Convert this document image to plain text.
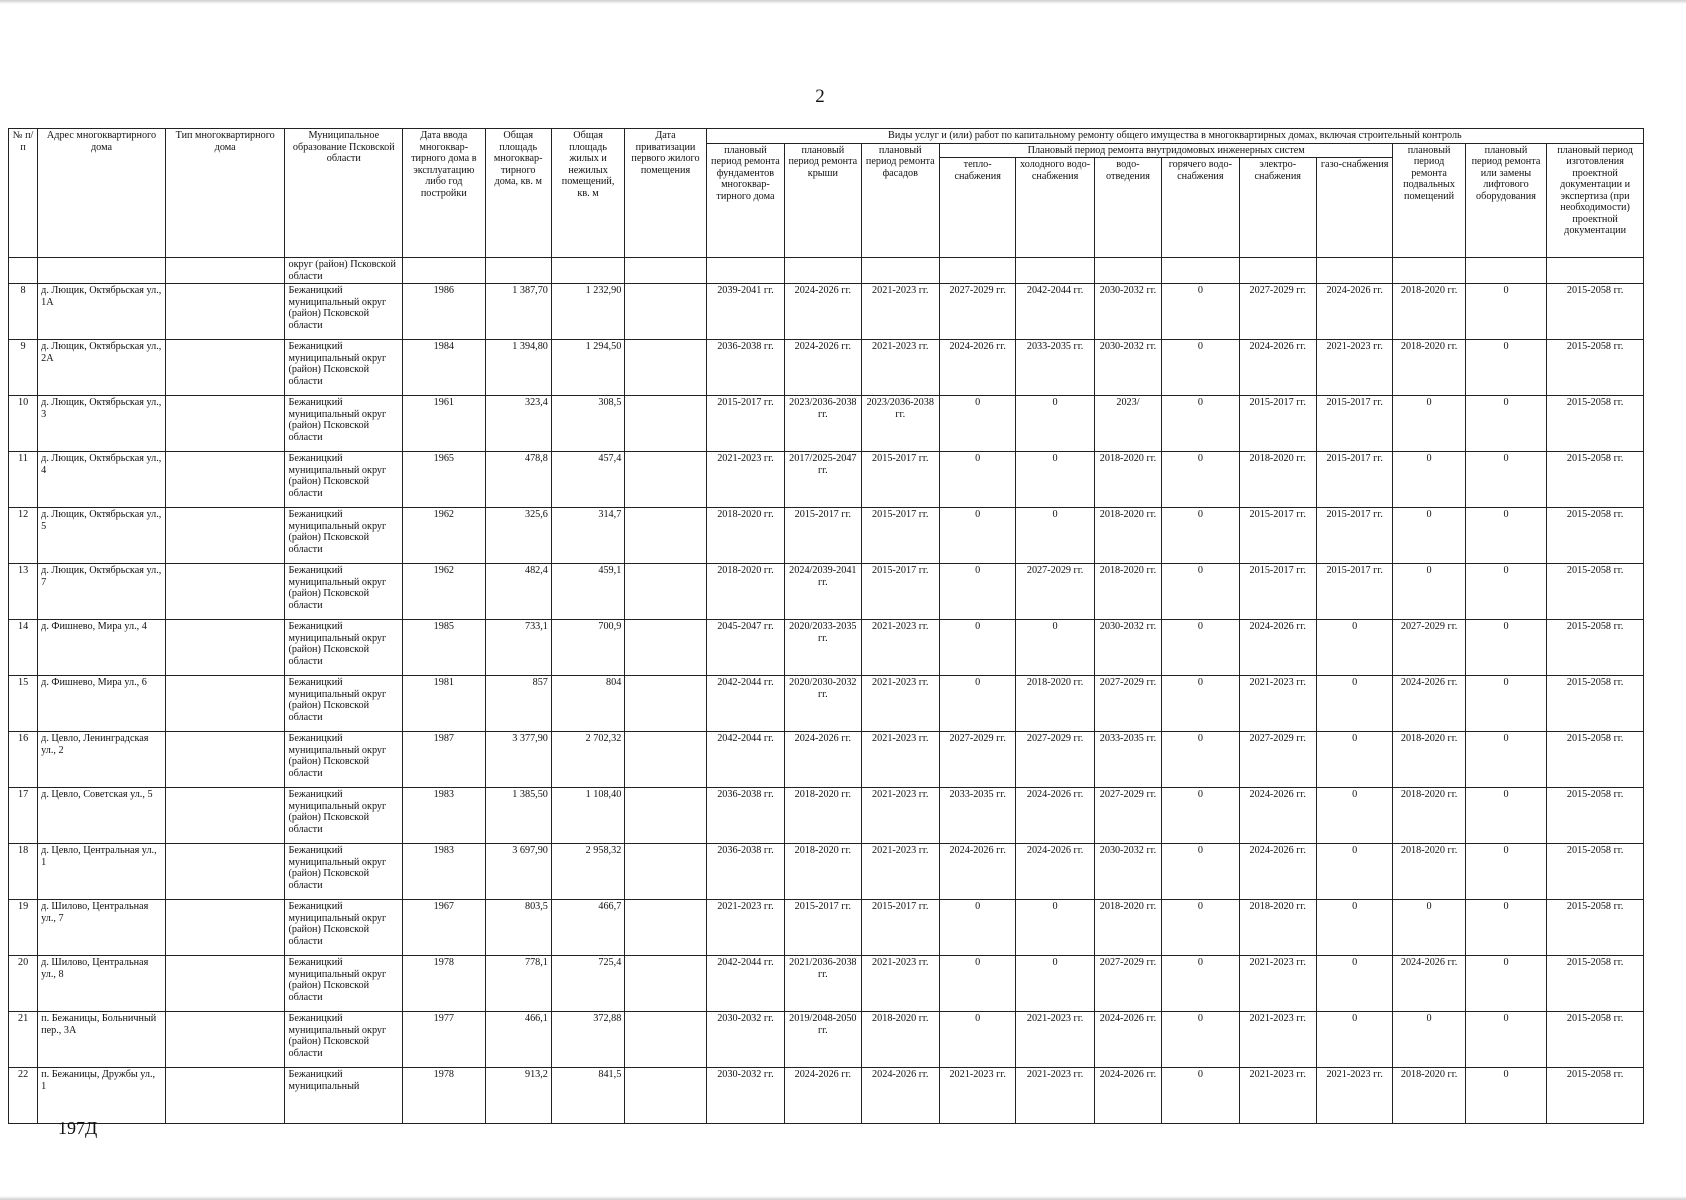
2
№ п/п	Адрес многоквартирного дома	Тип многоквартирного дома	Муниципальное образование Псковской области	Дата ввода многоквар-тирного дома в эксплуатацию либо год постройки	Общая площадь многоквар-тирного дома, кв. м	Общая площадь жилых и нежилых помещений, кв. м	Дата приватизации первого жилого помещения	Виды услуг и (или) работ по капитальному ремонту общего имущества в многоквартирных домах, включая строительный контроль											
								плановый период ремонта фундаментов многоквар-тирного дома	плановый период ремонта крыши	плановый период ремонта фасадов	Плановый период ремонта внутридомовых инженерных систем						плановый период ремонта подвальных помещений	плановый период ремонта или замены лифтового оборудования	плановый период изготовления проектной документации и экспертиза (при необходимости) проектной документации
											тепло-снабжения	холодного водо-снабжения	водо-отведения	горячего водо-снабжения	электро-снабжения	газо-снабжения			
			округ (район) Псковской области																
8	д. Лющик, Октябрьская ул., 1А		Бежаницкий муниципальный округ (район) Псковской области	1986	1 387,70	1 232,90		2039-2041 гг.	2024-2026 гг.	2021-2023 гг.	2027-2029 гг.	2042-2044 гг.	2030-2032 гг.	0	2027-2029 гг.	2024-2026 гг.	2018-2020 гг.	0	2015-2058 гг.
9	д. Лющик, Октябрьская ул., 2А		Бежаницкий муниципальный округ (район) Псковской области	1984	1 394,80	1 294,50		2036-2038 гг.	2024-2026 гг.	2021-2023 гг.	2024-2026 гг.	2033-2035 гг.	2030-2032 гг.	0	2024-2026 гг.	2021-2023 гг.	2018-2020 гг.	0	2015-2058 гг.
10	д. Лющик, Октябрьская ул., 3		Бежаницкий муниципальный округ (район) Псковской области	1961	323,4	308,5		2015-2017 гг.	2023/2036-2038 гг.	2023/2036-2038 гг.	0	0	2023/	0	2015-2017 гг.	2015-2017 гг.	0	0	2015-2058 гг.
11	д. Лющик, Октябрьская ул., 4		Бежаницкий муниципальный округ (район) Псковской области	1965	478,8	457,4		2021-2023 гг.	2017/2025-2047 гг.	2015-2017 гг.	0	0	2018-2020 гг.	0	2018-2020 гг.	2015-2017 гг.	0	0	2015-2058 гг.
12	д. Лющик, Октябрьская ул., 5		Бежаницкий муниципальный округ (район) Псковской области	1962	325,6	314,7		2018-2020 гг.	2015-2017 гг.	2015-2017 гг.	0	0	2018-2020 гг.	0	2015-2017 гг.	2015-2017 гг.	0	0	2015-2058 гг.
13	д. Лющик, Октябрьская ул., 7		Бежаницкий муниципальный округ (район) Псковской области	1962	482,4	459,1		2018-2020 гг.	2024/2039-2041 гг.	2015-2017 гг.	0	2027-2029 гг.	2018-2020 гг.	0	2015-2017 гг.	2015-2017 гг.	0	0	2015-2058 гг.
14	д. Фишнево, Мира ул., 4		Бежаницкий муниципальный округ (район) Псковской области	1985	733,1	700,9		2045-2047 гг.	2020/2033-2035 гг.	2021-2023 гг.	0	0	2030-2032 гг.	0	2024-2026 гг.	0	2027-2029 гг.	0	2015-2058 гг.
15	д. Фишнево, Мира ул., 6		Бежаницкий муниципальный округ (район) Псковской области	1981	857	804		2042-2044 гг.	2020/2030-2032 гг.	2021-2023 гг.	0	2018-2020 гг.	2027-2029 гг.	0	2021-2023 гг.	0	2024-2026 гг.	0	2015-2058 гг.
16	д. Цевло, Ленинградская ул., 2		Бежаницкий муниципальный округ (район) Псковской области	1987	3 377,90	2 702,32		2042-2044 гг.	2024-2026 гг.	2021-2023 гг.	2027-2029 гг.	2027-2029 гг.	2033-2035 гг.	0	2027-2029 гг.	0	2018-2020 гг.	0	2015-2058 гг.
17	д. Цевло, Советская ул., 5		Бежаницкий муниципальный округ (район) Псковской области	1983	1 385,50	1 108,40		2036-2038 гг.	2018-2020 гг.	2021-2023 гг.	2033-2035 гг.	2024-2026 гг.	2027-2029 гг.	0	2024-2026 гг.	0	2018-2020 гг.	0	2015-2058 гг.
18	д. Цевло, Центральная ул., 1		Бежаницкий муниципальный округ (район) Псковской области	1983	3 697,90	2 958,32		2036-2038 гг.	2018-2020 гг.	2021-2023 гг.	2024-2026 гг.	2024-2026 гг.	2030-2032 гг.	0	2024-2026 гг.	0	2018-2020 гг.	0	2015-2058 гг.
19	д. Шилово, Центральная ул., 7		Бежаницкий муниципальный округ (район) Псковской области	1967	803,5	466,7		2021-2023 гг.	2015-2017 гг.	2015-2017 гг.	0	0	2018-2020 гг.	0	2018-2020 гг.	0	0	0	2015-2058 гг.
20	д. Шилово, Центральная ул., 8		Бежаницкий муниципальный округ (район) Псковской области	1978	778,1	725,4		2042-2044 гг.	2021/2036-2038 гг.	2021-2023 гг.	0	0	2027-2029 гг.	0	2021-2023 гг.	0	2024-2026 гг.	0	2015-2058 гг.
21	п. Бежаницы, Больничный пер., 3А		Бежаницкий муниципальный округ (район) Псковской области	1977	466,1	372,88		2030-2032 гг.	2019/2048-2050 гг.	2018-2020 гг.	0	2021-2023 гг.	2024-2026 гг.	0	2021-2023 гг.	0	0	0	2015-2058 гг.
22	п. Бежаницы, Дружбы ул., 1		Бежаницкий муниципальный	1978	913,2	841,5		2030-2032 гг.	2024-2026 гг.	2024-2026 гг.	2021-2023 гг.	2021-2023 гг.	2024-2026 гг.	0	2021-2023 гг.	2021-2023 гг.	2018-2020 гг.	0	2015-2058 гг.
197Д
